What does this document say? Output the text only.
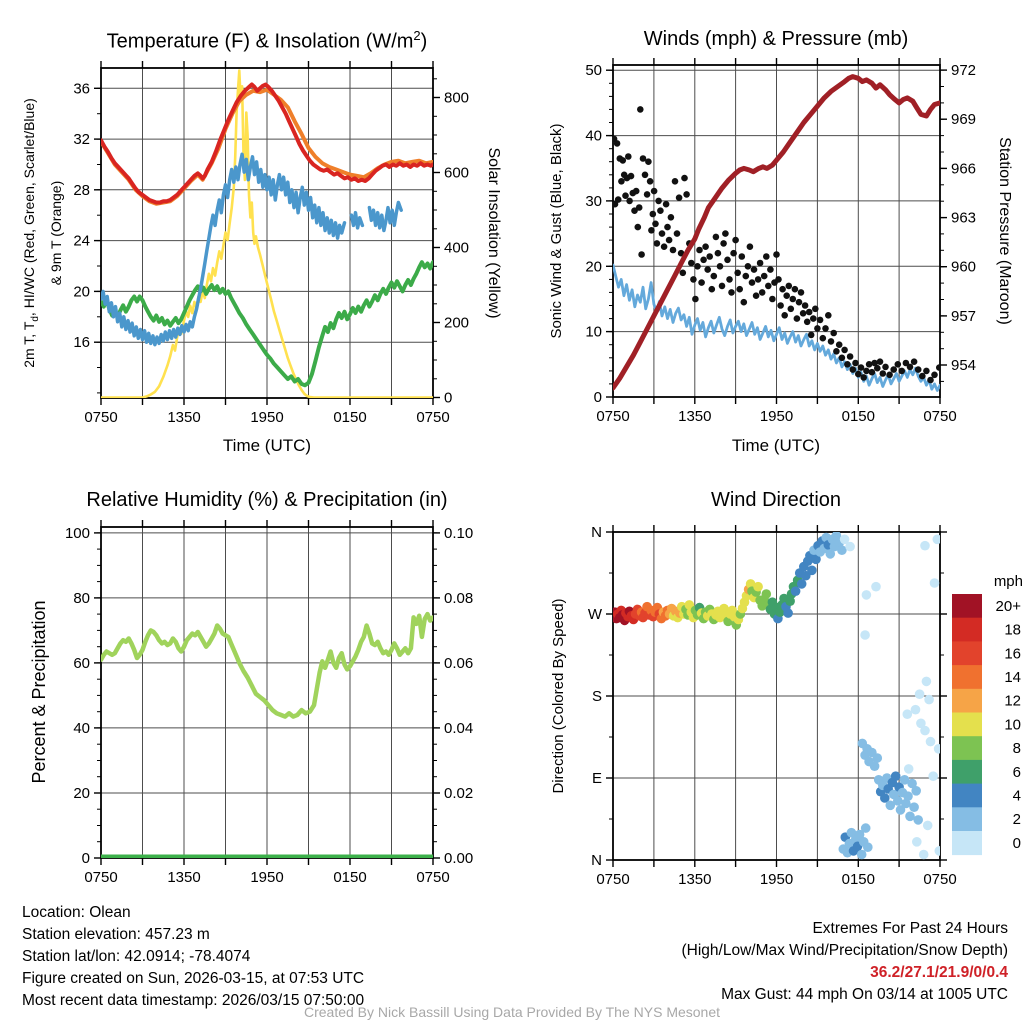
36
32
28
24
20
16
800
600
400
200
0
0750	1350	1950	0150	0750
50
40
30
20
10
0
972
969
966
963
960
957
954
0750	1350	1950	0150	0750
100
80
60
40
20
0
0.10
0.08
0.06
0.04
0.02
0.00
0750	1350	1950	0150	0750
N
W
S
E
N
0750	1350	1950	0150	0750
mph
20+
18
16
14
12
10
8
6
4
2
0
Temperature (F) & Insolation $(W/m^2)$	Winds (mph) & Pressure (mb)
Relative Humidity (%) & Precipitation (in)	Wind Direction
2m T, $T_d$, HI/WC (Red, Green, Scarlet/Blue) & 9m T (Orange)	Solar Insolation (Yellow)	Sonic Wind & Gust (Blue, Black)	Station Pressure (Maroon)
Percent & Precipitation	Direction (Colored By Speed)
Time (UTC)	Time (UTC)
Location: Olean
Station elevation: 457.23 m
Station lat/lon: 42.0914; -78.4074
Figure created on Sun, 2026-03-15, at 07:53 UTC
Most recent data timestamp: 2026/03/15 07:50:00
Extremes For Past 24 Hours
(High/Low/Max Wind/Precipitation/Snow Depth)
36.2/27.1/21.9/0/0.4
Max Gust: 44 mph On 03/14 at 1005 UTC
Created By Nick Bassill Using Data Provided By The NYS Mesonet
